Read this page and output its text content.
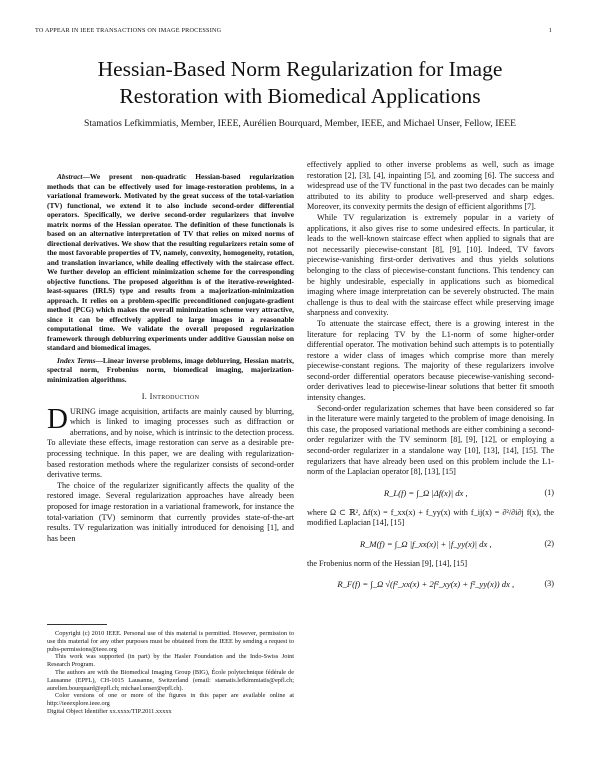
TO APPEAR IN IEEE TRANSACTIONS ON IMAGE PROCESSING	1
Hessian-Based Norm Regularization for Image
Restoration with Biomedical Applications
Stamatios Lefkimmiatis, Member, IEEE, Aurélien Bourquard, Member, IEEE, and Michael Unser, Fellow, IEEE

Abstract—We present non-quadratic Hessian-based regularization methods that can be effectively used for image-restoration problems, in a variational framework. Motivated by the great success of the total-variation (TV) functional, we extend it to also include second-order differential operators. Specifically, we derive second-order regularizers that involve matrix norms of the Hessian operator. The definition of these functionals is based on an alternative interpretation of TV that relies on mixed norms of directional derivatives. We show that the resulting regularizers retain some of the most favorable properties of TV, namely, convexity, homogeneity, rotation, and translation invariance, while dealing effectively with the staircase effect. We further develop an efficient minimization scheme for the corresponding objective functions. The proposed algorithm is of the iterative-reweighted-least-squares (IRLS) type and results from a majorization-minimization approach. It relies on a problem-specific preconditioned conjugate-gradient method (PCG) which makes the overall minimization scheme very attractive, since it can be effectively applied to large images in a reasonable computational time. We validate the overall proposed regularization framework through deblurring experiments under additive Gaussian noise on standard and biomedical images.

Index Terms—Linear inverse problems, image deblurring, Hessian matrix, spectral norm, Frobenius norm, biomedical imaging, majorization-minimization algorithms.

I. Introduction

DURING image acquisition, artifacts are mainly caused by blurring, which is linked to imaging processes such as diffraction or aberrations, and by noise, which is intrinsic to the detection process. To alleviate these effects, image restoration can serve as a desirable pre-processing technique. In this paper, we are dealing with regularization-based restoration methods where the regularizer consists of second-order derivative terms.

The choice of the regularizer significantly affects the quality of the restored image. Several regularization approaches have already been proposed for image restoration in a variational framework, for instance the total-variation (TV) seminorm that currently provides state-of-the-art results. TV regularization was initially introduced for denoising [1], and has been

Copyright (c) 2010 IEEE. Personal use of this material is permitted. However, permission to use this material for any other purposes must be obtained from the IEEE by sending a request to pubs-permissions@ieee.org

This work was supported (in part) by the Hasler Foundation and the Indo-Swiss Joint Research Program.

The authors are with the Biomedical Imaging Group (BIG), École polytechnique fédérale de Lausanne (EPFL), CH-1015 Lausanne, Switzerland (email: stamatis.lefkimmiatis@epfl.ch; aurelien.bourquard@epfl.ch; michael.unser@epfl.ch).

Color versions of one or more of the figures in this paper are available online at http://ieeexplore.ieee.org

Digital Object Identifier xx.xxxx/TIP.2011.xxxxx

effectively applied to other inverse problems as well, such as image restoration [2], [3], [4], inpainting [5], and zooming [6]. The success and widespread use of the TV functional in the past two decades can be mainly attributed to its ability to produce well-preserved and sharp edges. Moreover, its convexity permits the design of efficient algorithms [7].

While TV regularization is extremely popular in a variety of applications, it also gives rise to some undesired effects. In particular, it leads to the well-known staircase effect when applied to signals that are not necessarily piecewise-constant [8], [9], [10]. Indeed, TV favors piecewise-vanishing first-order derivatives and thus yields solutions belonging to the class of piecewise-constant functions. This tendency can be highly undesirable, especially in applications such as biomedical imaging where image interpretation can be severely obstructed. The main challenge is thus to deal with the staircase effect while preserving image sharpness and convexity.

To attenuate the staircase effect, there is a growing interest in the literature for replacing TV by the L1-norm of some higher-order differential operator. The motivation behind such attempts is to potentially restore a wider class of images which comprise more than merely piecewise-constant regions. The majority of these regularizers involve second-order differential operators because piecewise-vanishing second-order derivatives lead to piecewise-linear solutions that better fit smooth intensity changes.

Second-order regularization schemes that have been considered so far in the literature were mainly targeted to the problem of image denoising. In this case, the proposed variational methods are either combining a second-order regularizer with the TV seminorm [8], [9], [12], or employing a second-order regularizer in a standalone way [10], [13], [14], [15]. The regularizers that have already been used on this problem include the L1-norm of the Laplacian operator [8], [13], [15]

R_L(f) = ∫_Ω |Δf(x)| dx ,	(1)

where Ω ⊂ ℝ², Δf(x) = f_xx(x) + f_yy(x) with f_ij(x) = ∂²/∂i∂j f(x), the modified Laplacian [14], [15]

R_M(f) = ∫_Ω |f_xx(x)| + |f_yy(x)| dx ,	(2)

the Frobenius norm of the Hessian [9], [14], [15]

R_F(f) = ∫_Ω √(f²_xx(x) + 2f²_xy(x) + f²_yy(x)) dx ,	(3)
